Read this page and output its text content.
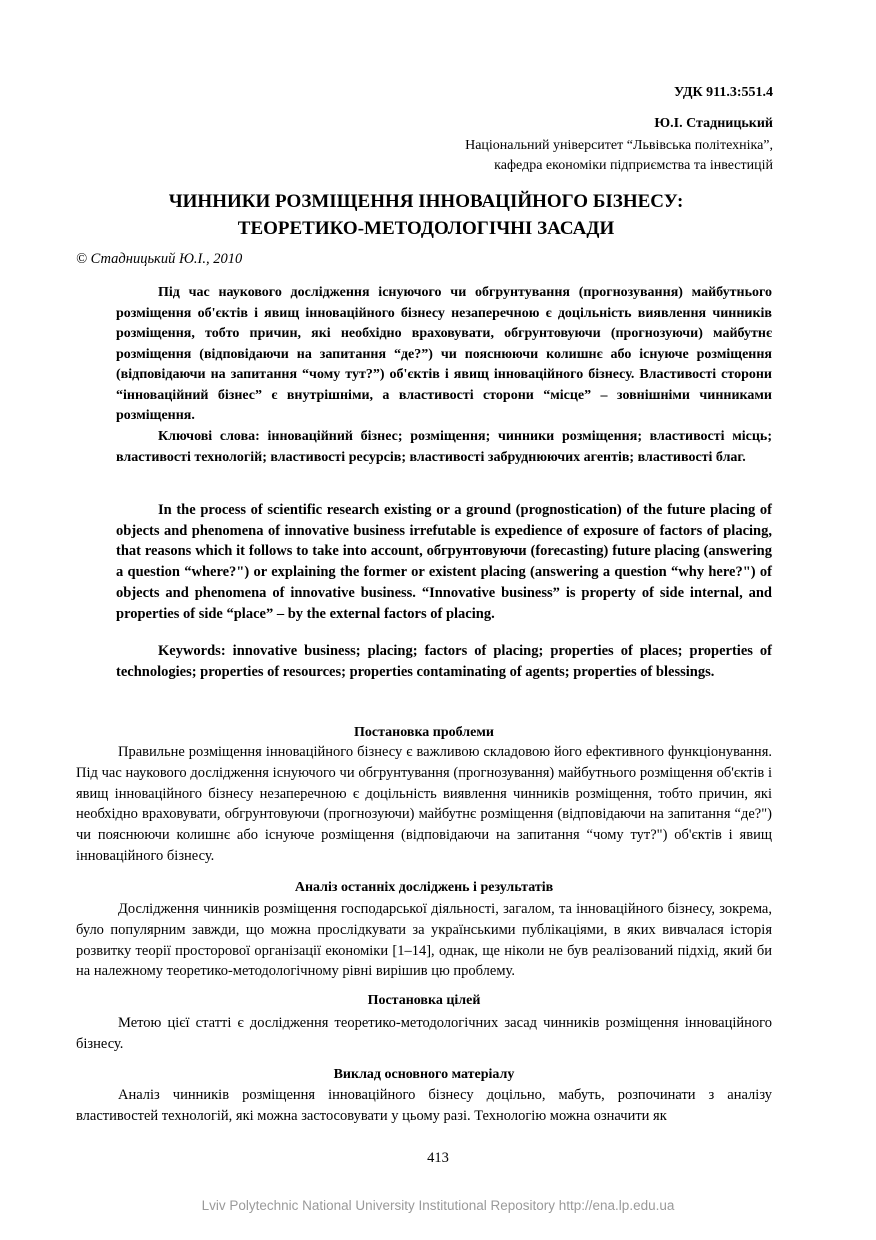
УДК 911.3:551.4
Ю.І. Стадницький
Національний університет “Львівська політехніка”,
кафедра економіки підприємства та інвестицій
ЧИННИКИ РОЗМІЩЕННЯ ІННОВАЦІЙНОГО БІЗНЕСУ:
ТЕОРЕТИКО-МЕТОДОЛОГІЧНІ ЗАСАДИ
© Стадницький Ю.І., 2010

Під час наукового дослідження існуючого чи обгрунтування (прогнозування) майбутнього розміщення об'єктів і явищ інноваційного бізнесу незаперечною є доцільність виявлення чинників розміщення, тобто причин, які необхідно враховувати, обгрунтовуючи (прогнозуючи) майбутнє розміщення (відповідаючи на запитання “де?”) чи пояснюючи колишнє або існуюче розміщення (відповідаючи на запитання “чому тут?”) об'єктів і явищ інноваційного бізнесу. Властивості сторони “інноваційний бізнес” є внутрішніми, а властивості сторони “місце” – зовнішніми чинниками розміщення.

Ключові слова: інноваційний бізнес; розміщення; чинники розміщення; властивості місць; властивості технологій; властивості ресурсів; властивості забруднюючих агентів; властивості благ.

In the process of scientific research existing or a ground (prognostication) of the future placing of objects and phenomena of innovative business irrefutable is expedience of exposure of factors of placing, that reasons which it follows to take into account, обгрунтовуючи (forecasting) future placing (answering a question “where?") or explaining the former or existent placing (answering a question “why here?") of objects and phenomena of innovative business. “Innovative business” is property of side internal, and properties of side “place” – by the external factors of placing.

Keywords: innovative business; placing; factors of placing; properties of places; properties of technologies; properties of resources; properties contaminating of agents; properties of blessings.

Постановка проблеми

Правильне розміщення інноваційного бізнесу є важливою складовою його ефективного функціонування. Під час наукового дослідження існуючого чи обгрунтування (прогнозування) майбутнього розміщення об'єктів і явищ інноваційного бізнесу незаперечною є доцільність виявлення чинників розміщення, тобто причин, які необхідно враховувати, обгрунтовуючи (прогнозуючи) майбутнє розміщення (відповідаючи на запитання “де?") чи пояснюючи колишнє або існуюче розміщення (відповідаючи на запитання “чому тут?") об'єктів і явищ інноваційного бізнесу.

Аналіз останніх досліджень і результатів

Дослідження чинників розміщення господарської діяльності, загалом, та інноваційного бізнесу, зокрема, було популярним завжди, що можна прослідкувати за українськими публікаціями, в яких вивчалася історія розвитку теорії просторової організації економіки [1–14], однак, ще ніколи не був реалізований підхід, який би на належному теоретико-методологічному рівні вирішив цю проблему.

Постановка цілей

Метою цієї статті є дослідження теоретико-методологічних засад чинників розміщення інноваційного бізнесу.

Виклад основного матеріалу

Аналіз чинників розміщення інноваційного бізнесу доцільно, мабуть, розпочинати з аналізу властивостей технологій, які можна застосовувати у цьому разі. Технологію можна означити як

413
Lviv Polytechnic National University Institutional Repository http://ena.lp.edu.ua
